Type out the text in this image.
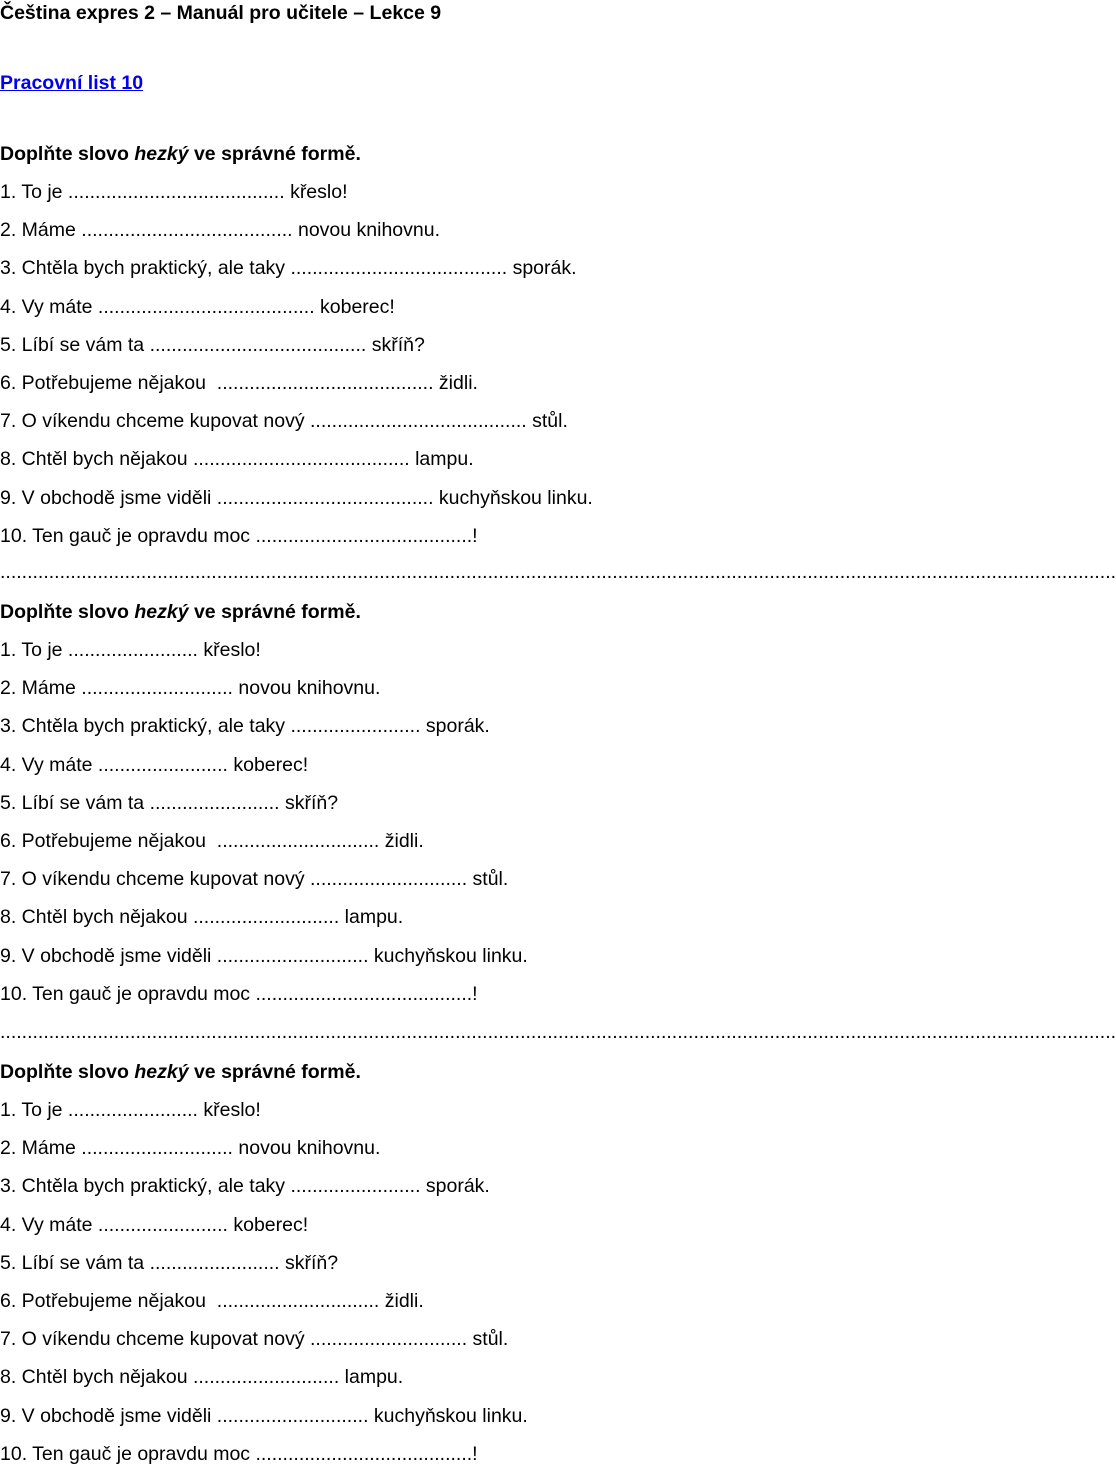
Čeština expres 2 – Manuál pro učitele – Lekce 9
Pracovní list 10
Doplňte slovo hezký ve správné formě.
1. To je ........................................ křeslo!
2. Máme ....................................... novou knihovnu.
3. Chtěla bych praktický, ale taky ........................................ sporák.
4. Vy máte ........................................ koberec!
5. Líbí se vám ta ........................................ skříň?
6. Potřebujeme nějakou  ........................................ židli.
7. O víkendu chceme kupovat nový ........................................ stůl.
8. Chtěl bych nějakou ........................................ lampu.
9. V obchodě jsme viděli ........................................ kuchyňskou linku.
10. Ten gauč je opravdu moc ........................................!
..............................................................................................................................................................................................................
Doplňte slovo hezký ve správné formě.
1. To je ........................ křeslo!
2. Máme ............................ novou knihovnu.
3. Chtěla bych praktický, ale taky ........................ sporák.
4. Vy máte ........................ koberec!
5. Líbí se vám ta ........................ skříň?
6. Potřebujeme nějakou  .............................. židli.
7. O víkendu chceme kupovat nový ............................. stůl.
8. Chtěl bych nějakou ........................... lampu.
9. V obchodě jsme viděli ............................ kuchyňskou linku.
10. Ten gauč je opravdu moc ........................................!
..............................................................................................................................................................................................................
Doplňte slovo hezký ve správné formě.
1. To je ........................ křeslo!
2. Máme ............................ novou knihovnu.
3. Chtěla bych praktický, ale taky ........................ sporák.
4. Vy máte ........................ koberec!
5. Líbí se vám ta ........................ skříň?
6. Potřebujeme nějakou  .............................. židli.
7. O víkendu chceme kupovat nový ............................. stůl.
8. Chtěl bych nějakou ........................... lampu.
9. V obchodě jsme viděli ............................ kuchyňskou linku.
10. Ten gauč je opravdu moc ........................................!
